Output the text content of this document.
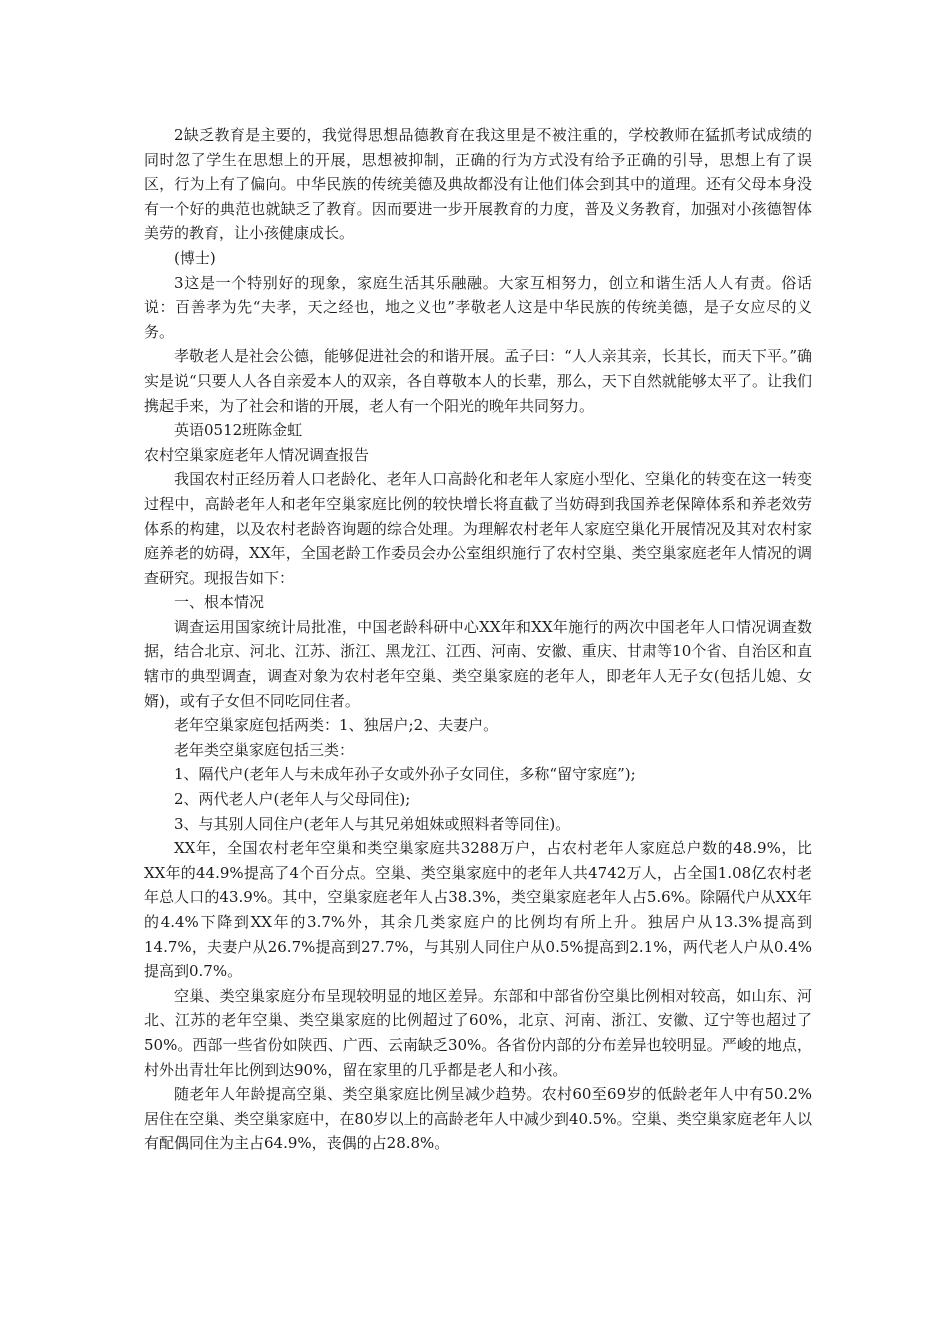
2缺乏教育是主要的，我觉得思想品德教育在我这里是不被注重的，学校教师在猛抓考试成绩的同时忽了学生在思想上的开展，思想被抑制，正确的行为方式没有给予正确的引导，思想上有了误区，行为上有了偏向。中华民族的传统美德及典故都没有让他们体会到其中的道理。还有父母本身没有一个好的典范也就缺乏了教育。因而要进一步开展教育的力度，普及义务教育，加强对小孩德智体美劳的教育，让小孩健康成长。

(博士)

3这是一个特别好的现象，家庭生活其乐融融。大家互相努力，创立和谐生活人人有责。俗话说：百善孝为先“夫孝，天之经也，地之义也”孝敬老人这是中华民族的传统美德，是子女应尽的义务。

孝敬老人是社会公德，能够促进社会的和谐开展。孟子曰：“人人亲其亲，长其长，而天下平。”确实是说“只要人人各自亲爱本人的双亲，各自尊敬本人的长辈，那么，天下自然就能够太平了。让我们携起手来，为了社会和谐的开展，老人有一个阳光的晚年共同努力。

英语0512班陈金虹

农村空巢家庭老年人情况调查报告

我国农村正经历着人口老龄化、老年人口高龄化和老年人家庭小型化、空巢化的转变在这一转变过程中，高龄老年人和老年空巢家庭比例的较快增长将直截了当妨碍到我国养老保障体系和养老效劳体系的构建，以及农村老龄咨询题的综合处理。为理解农村老年人家庭空巢化开展情况及其对农村家庭养老的妨碍，XX年，全国老龄工作委员会办公室组织施行了农村空巢、类空巢家庭老年人情况的调查研究。现报告如下：

一、根本情况

调查运用国家统计局批准，中国老龄科研中心XX年和XX年施行的两次中国老年人口情况调查数据，结合北京、河北、江苏、浙江、黑龙江、江西、河南、安徽、重庆、甘肃等10个省、自治区和直辖市的典型调查，调查对象为农村老年空巢、类空巢家庭的老年人，即老年人无子女(包括儿媳、女婿)，或有子女但不同吃同住者。

老年空巢家庭包括两类：1、独居户;2、夫妻户。

老年类空巢家庭包括三类：

1、隔代户(老年人与未成年孙子女或外孙子女同住，多称“留守家庭”);

2、两代老人户(老年人与父母同住);

3、与其别人同住户(老年人与其兄弟姐妹或照料者等同住)。

XX年，全国农村老年空巢和类空巢家庭共3288万户，占农村老年人家庭总户数的48.9%，比XX年的44.9%提高了4个百分点。空巢、类空巢家庭中的老年人共4742万人，占全国1.08亿农村老年总人口的43.9%。其中，空巢家庭老年人占38.3%，类空巢家庭老年人占5.6%。除隔代户从XX年的4.4%下降到XX年的3.7%外，其余几类家庭户的比例均有所上升。独居户从13.3%提高到14.7%，夫妻户从26.7%提高到27.7%，与其别人同住户从0.5%提高到2.1%，两代老人户从0.4%提高到0.7%。

空巢、类空巢家庭分布呈现较明显的地区差异。东部和中部省份空巢比例相对较高，如山东、河北、江苏的老年空巢、类空巢家庭的比例超过了60%，北京、河南、浙江、安徽、辽宁等也超过了50%。西部一些省份如陕西、广西、云南缺乏30%。各省份内部的分布差异也较明显。严峻的地点，村外出青壮年比例到达90%，留在家里的几乎都是老人和小孩。

随老年人年龄提高空巢、类空巢家庭比例呈减少趋势。农村60至69岁的低龄老年人中有50.2%居住在空巢、类空巢家庭中，在80岁以上的高龄老年人中减少到40.5%。空巢、类空巢家庭老年人以有配偶同住为主占64.9%，丧偶的占28.8%。
